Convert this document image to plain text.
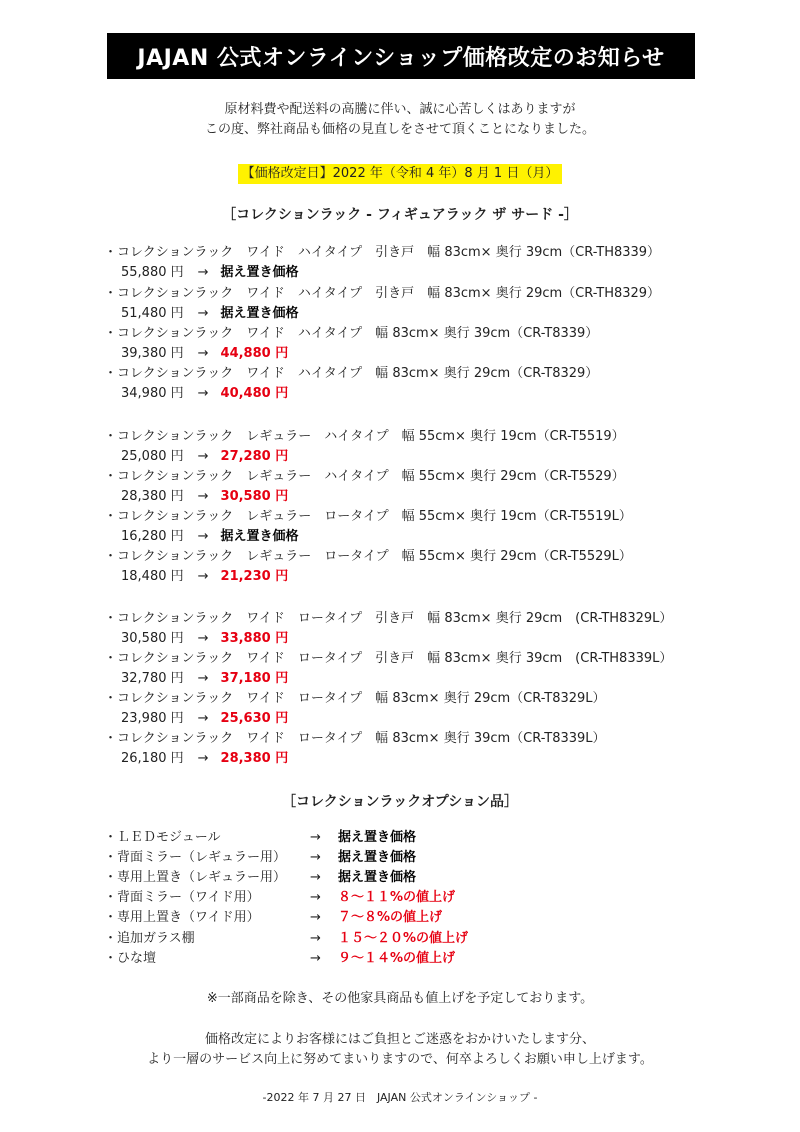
JAJAN 公式オンラインショップ価格改定のお知らせ
原材料費や配送料の高騰に伴い、誠に心苦しくはありますが
この度、弊社商品も価格の見直しをさせて頂くことになりました。
【価格改定日】2022 年（令和 4 年）8 月 1 日（月）
［コレクションラック - フィギュアラック ザ サード -］
・コレクションラック　ワイド　ハイタイプ　引き戸　幅 83cm× 奥行 39cm（CR-TH8339）
55,880 円 → 据え置き価格
・コレクションラック　ワイド　ハイタイプ　引き戸　幅 83cm× 奥行 29cm（CR-TH8329）
51,480 円 → 据え置き価格
・コレクションラック　ワイド　ハイタイプ　幅 83cm× 奥行 39cm（CR-T8339）
39,380 円 → 44,880 円
・コレクションラック　ワイド　ハイタイプ　幅 83cm× 奥行 29cm（CR-T8329）
34,980 円 → 40,480 円
・コレクションラック　レギュラー　ハイタイプ　幅 55cm× 奥行 19cm（CR-T5519）
25,080 円 → 27,280 円
・コレクションラック　レギュラー　ハイタイプ　幅 55cm× 奥行 29cm（CR-T5529）
28,380 円 → 30,580 円
・コレクションラック　レギュラー　ロータイプ　幅 55cm× 奥行 19cm（CR-T5519L）
16,280 円 → 据え置き価格
・コレクションラック　レギュラー　ロータイプ　幅 55cm× 奥行 29cm（CR-T5529L）
18,480 円 → 21,230 円
・コレクションラック　ワイド　ロータイプ　引き戸　幅 83cm× 奥行 29cm　(CR-TH8329L）
30,580 円 → 33,880 円
・コレクションラック　ワイド　ロータイプ　引き戸　幅 83cm× 奥行 39cm　(CR-TH8339L）
32,780 円 → 37,180 円
・コレクションラック　ワイド　ロータイプ　幅 83cm× 奥行 29cm（CR-T8329L）
23,980 円 → 25,630 円
・コレクションラック　ワイド　ロータイプ　幅 83cm× 奥行 39cm（CR-T8339L）
26,180 円 → 28,380 円
［コレクションラックオプション品］
・ＬＥＤモジュール	→ 据え置き価格
・背面ミラー（レギュラー用） → 据え置き価格
・専用上置き（レギュラー用） → 据え置き価格
・背面ミラー（ワイド用）	→ ８～１１%の値上げ
・専用上置き（ワイド用）	→ ７～８%の値上げ
・追加ガラス棚	→ １５～２０%の値上げ
・ひな壇	→ ９～１４%の値上げ
※一部商品を除き、その他家具商品も値上げを予定しております。
価格改定によりお客様にはご負担とご迷惑をおかけいたします分、
より一層のサービス向上に努めてまいりますので、何卒よろしくお願い申し上げます。
-2022 年 7 月 27 日　JAJAN 公式オンラインショップ -
